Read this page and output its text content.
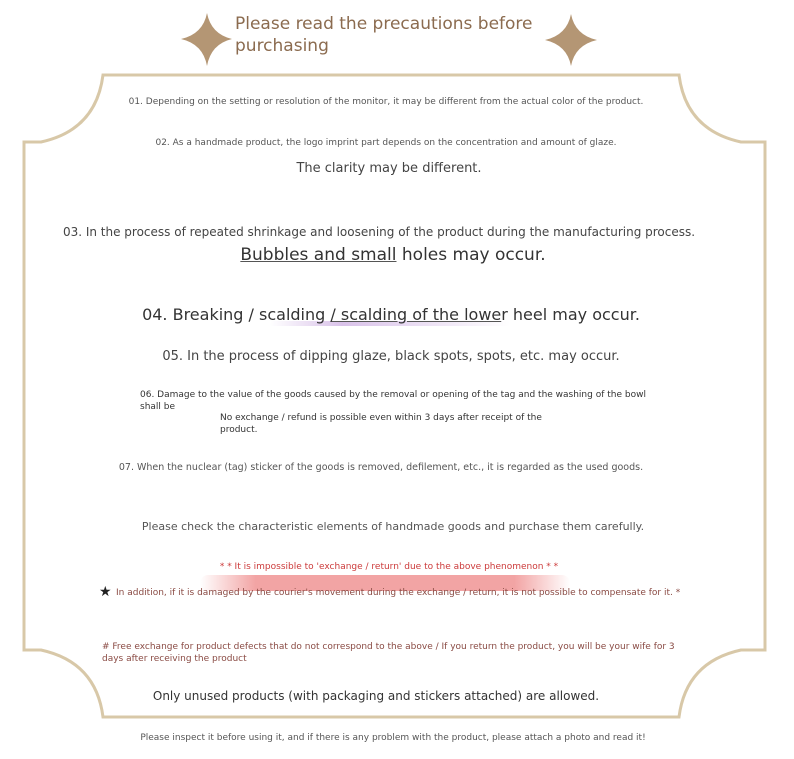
Please read the precautions before purchasing
01. Depending on the setting or resolution of the monitor, it may be different from the actual color of the product.
02. As a handmade product, the logo imprint part depends on the concentration and amount of glaze.
The clarity may be different.
03. In the process of repeated shrinkage and loosening of the product during the manufacturing process.
Bubbles and small holes may occur.
04. Breaking / scalding / scalding of the lower heel may occur.
05. In the process of dipping glaze, black spots, spots, etc. may occur.
06. Damage to the value of the goods caused by the removal or opening of the tag and the washing of the bowl shall be
No exchange / refund is possible even within 3 days after receipt of the product.
07. When the nuclear (tag) sticker of the goods is removed, defilement, etc., it is regarded as the used goods.
Please check the characteristic elements of handmade goods and purchase them carefully.
* * It is impossible to 'exchange / return' due to the above phenomenon * *
★ In addition, if it is damaged by the courier's movement during the exchange / return, it is not possible to compensate for it. *
# Free exchange for product defects that do not correspond to the above / If you return the product, you will be your wife for 3 days after receiving the product
Only unused products (with packaging and stickers attached) are allowed.
Please inspect it before using it, and if there is any problem with the product, please attach a photo and read it!
